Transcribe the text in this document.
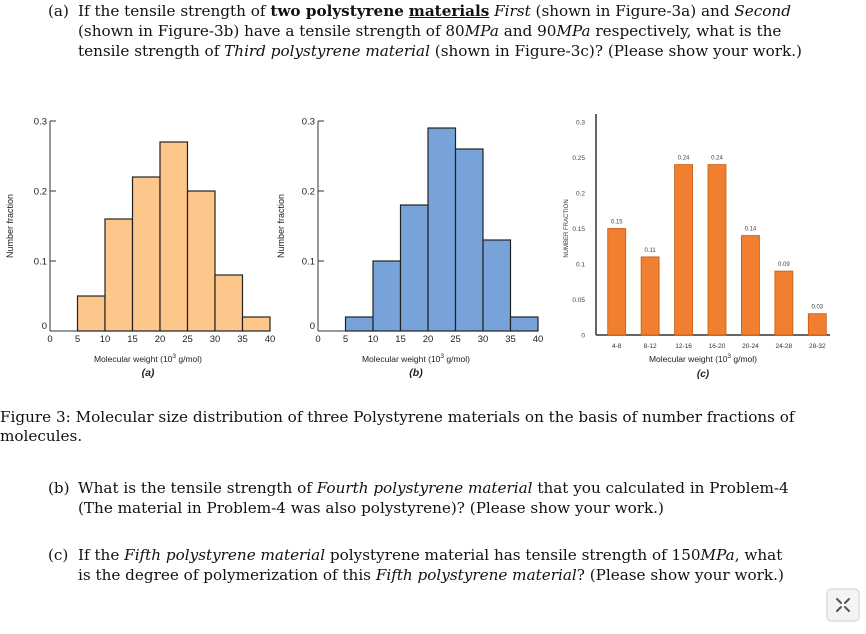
(a) If the tensile strength of two polystyrene materials First (shown in Figure-3a) and Second
(shown in Figure-3b) have a tensile strength of 80MPa and 90MPa respectively, what is the
tensile strength of Third polystyrene material (shown in Figure-3c)? (Please show your work.)
0
0.1
0.2
0.3
0 5 10 15 20 25 30 35 40
Number fraction
Molecular weight ($10^3$ g/mol)
(a)
0
0.1
0.2
0.3
0 5 10 15 20 25 30 35 40
Number fraction
Molecular weight ($10^3$ g/mol)
(b)
0
0.05
0.1
0.15
0.2
0.25
0.3
0.15
4-8
0.11
8-12
0.24
12-16
0.24
16-20
0.14
20-24
0.09
24-28
0.03
28-32
NUMBER FRACTION
Molecular weight ($10^3$ g/mol)
(c)
Figure 3: Molecular size distribution of three Polystyrene materials on the basis of number fractions of
molecules.
(b) What is the tensile strength of Fourth polystyrene material that you calculated in Problem-4
(The material in Problem-4 was also polystyrene)? (Please show your work.)
(c) If the Fifth polystyrene material polystyrene material has tensile strength of 150MPa, what
is the degree of polymerization of this Fifth polystyrene material? (Please show your work.)
